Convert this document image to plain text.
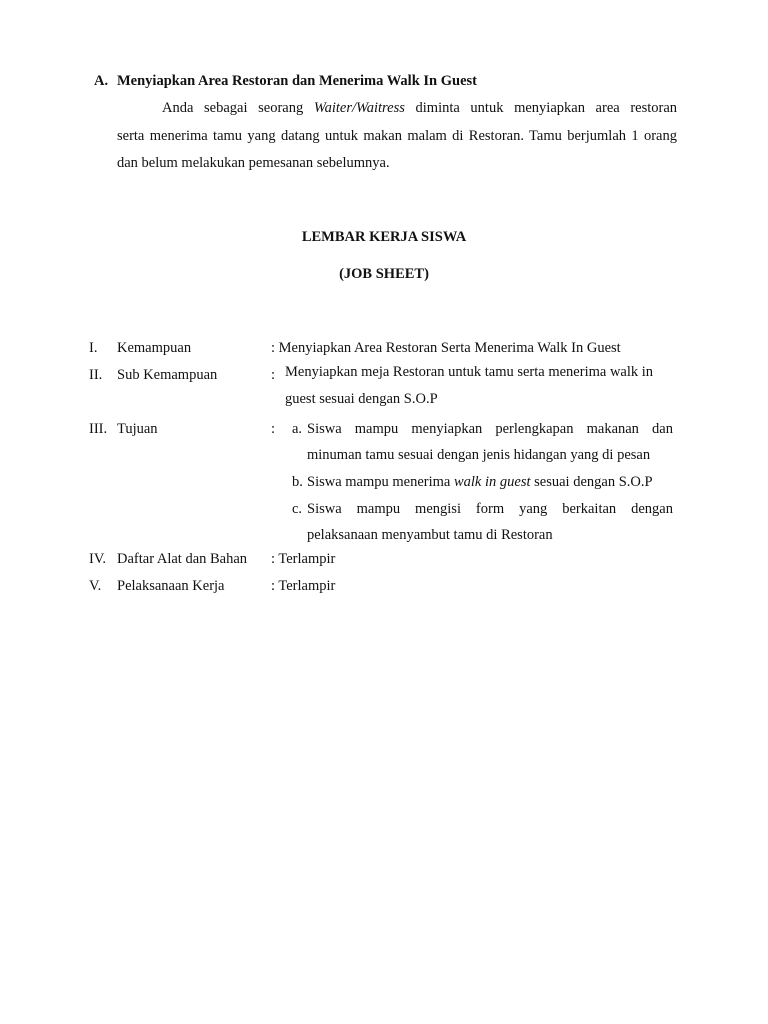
A. Menyiapkan Area Restoran dan Menerima Walk In Guest
Anda sebagai seorang Waiter/Waitress diminta untuk menyiapkan area restoran
serta menerima tamu yang datang untuk makan malam di Restoran. Tamu berjumlah 1 orang
dan belum melakukan pemesanan sebelumnya.
LEMBAR KERJA SISWA
(JOB SHEET)
I. Kemampuan	: Menyiapkan Area Restoran Serta Menerima Walk In Guest
II. Sub Kemampuan	: Menyiapkan meja Restoran untuk tamu serta menerima walk in
guest sesuai dengan S.O.P
III. Tujuan	: a. Siswa mampu menyiapkan perlengkapan makanan dan
minuman tamu sesuai dengan jenis hidangan yang di pesan
b. Siswa mampu menerima walk in guest sesuai dengan S.O.P
c. Siswa mampu mengisi form yang berkaitan dengan
pelaksanaan menyambut tamu di Restoran
IV. Daftar Alat dan Bahan : Terlampir
V. Pelaksanaan Kerja	: Terlampir
